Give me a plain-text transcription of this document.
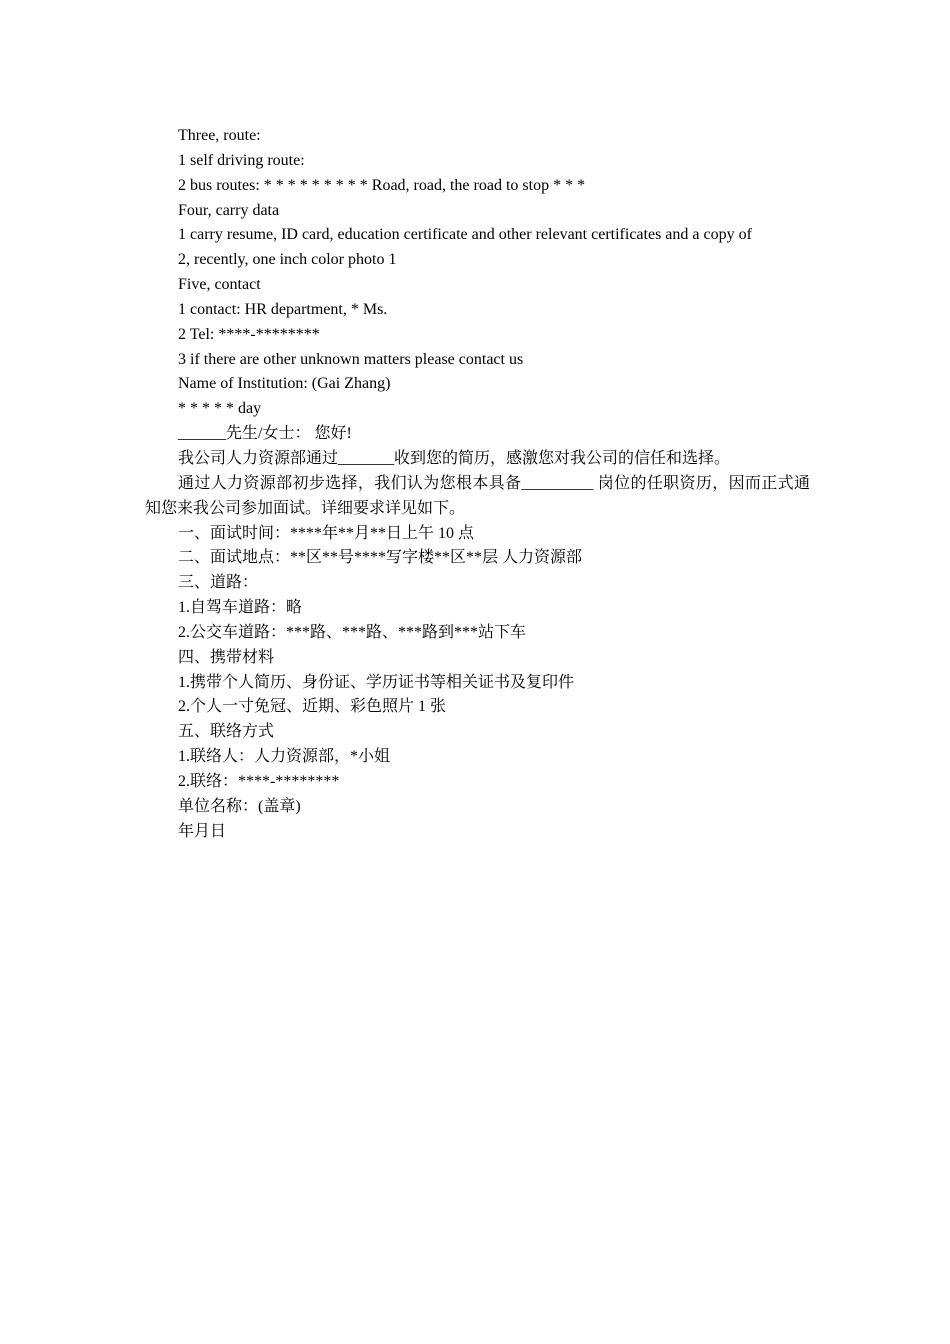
Three, route:

1 self driving route:

2 bus routes: * * * * * * * * * Road, road, the road to stop * * *

Four, carry data

1 carry resume, ID card, education certificate and other relevant certificates and a copy of

2, recently, one inch color photo 1

Five, contact

1 contact: HR department, * Ms.

2 Tel: ****-********

3 if there are other unknown matters please contact us

Name of Institution: (Gai Zhang)

* * * * * day

______先生/女士： 您好!

我公司人力资源部通过_______收到您的简历，感激您对我公司的信任和选择。

通过人力资源部初步选择，我们认为您根本具备_________ 岗位的任职资历，因而正式通知您来我公司参加面试。详细要求详见如下。

一、面试时间：****年**月**日上午 10 点

二、面试地点：**区**号****写字楼**区**层 人力资源部

三、道路：

1.自驾车道路：略

2.公交车道路：***路、***路、***路到***站下车

四、携带材料

1.携带个人简历、身份证、学历证书等相关证书及复印件

2.个人一寸免冠、近期、彩色照片 1 张

五、联络方式

1.联络人：人力资源部，*小姐

2.联络：****-********

单位名称：(盖章)

年月日
